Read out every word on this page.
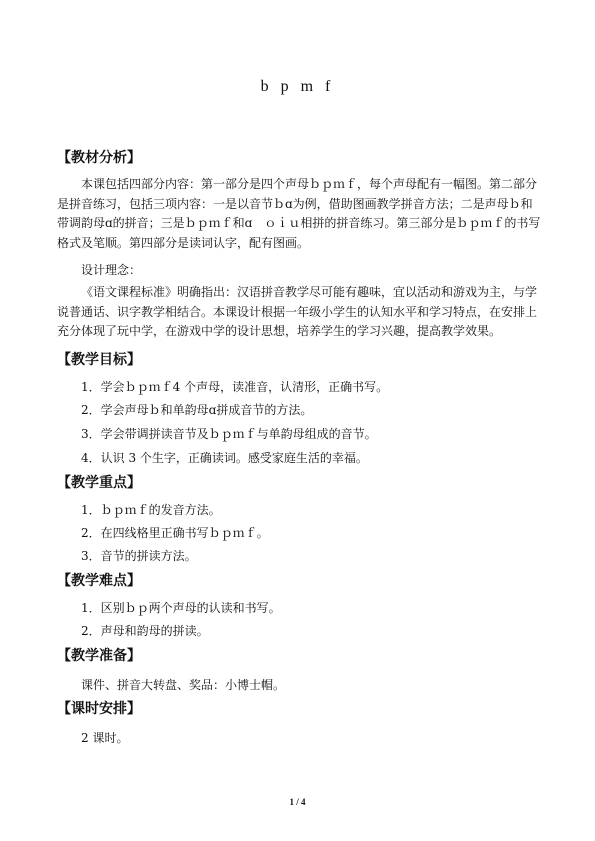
b p m f
【教材分析】
本课包括四部分内容：第一部分是四个声母ｂｐｍｆ，每个声母配有一幅图。第二部分是拼音练习，包括三项内容：一是以音节ｂɑ为例，借助图画教学拼音方法；二是声母ｂ和带调韵母ɑ的拼音；三是ｂｐｍｆ和ɑ　ｏｉｕ相拼的拼音练习。第三部分是ｂｐｍｆ的书写格式及笔顺。第四部分是读词认字，配有图画。
设计理念：
《语文课程标准》明确指出：汉语拼音教学尽可能有趣味，宜以活动和游戏为主，与学说普通话、识字教学相结合。本课设计根据一年级小学生的认知水平和学习特点，在安排上充分体现了玩中学，在游戏中学的设计思想，培养学生的学习兴趣，提高教学效果。
【教学目标】
1．学会ｂｐｍｆ4 个声母，读准音，认清形，正确书写。
2．学会声母ｂ和单韵母ɑ拼成音节的方法。
3．学会带调拼读音节及ｂｐｍｆ与单韵母组成的音节。
4．认识 3 个生字，正确读词。感受家庭生活的幸福。
【教学重点】
1．ｂｐｍｆ的发音方法。
2．在四线格里正确书写ｂｐｍｆ。
3．音节的拼读方法。
【教学难点】
1．区别ｂｐ两个声母的认读和书写。
2．声母和韵母的拼读。
【教学准备】
课件、拼音大转盘、奖品：小博士帽。
【课时安排】
2 课时。
1 / 4
